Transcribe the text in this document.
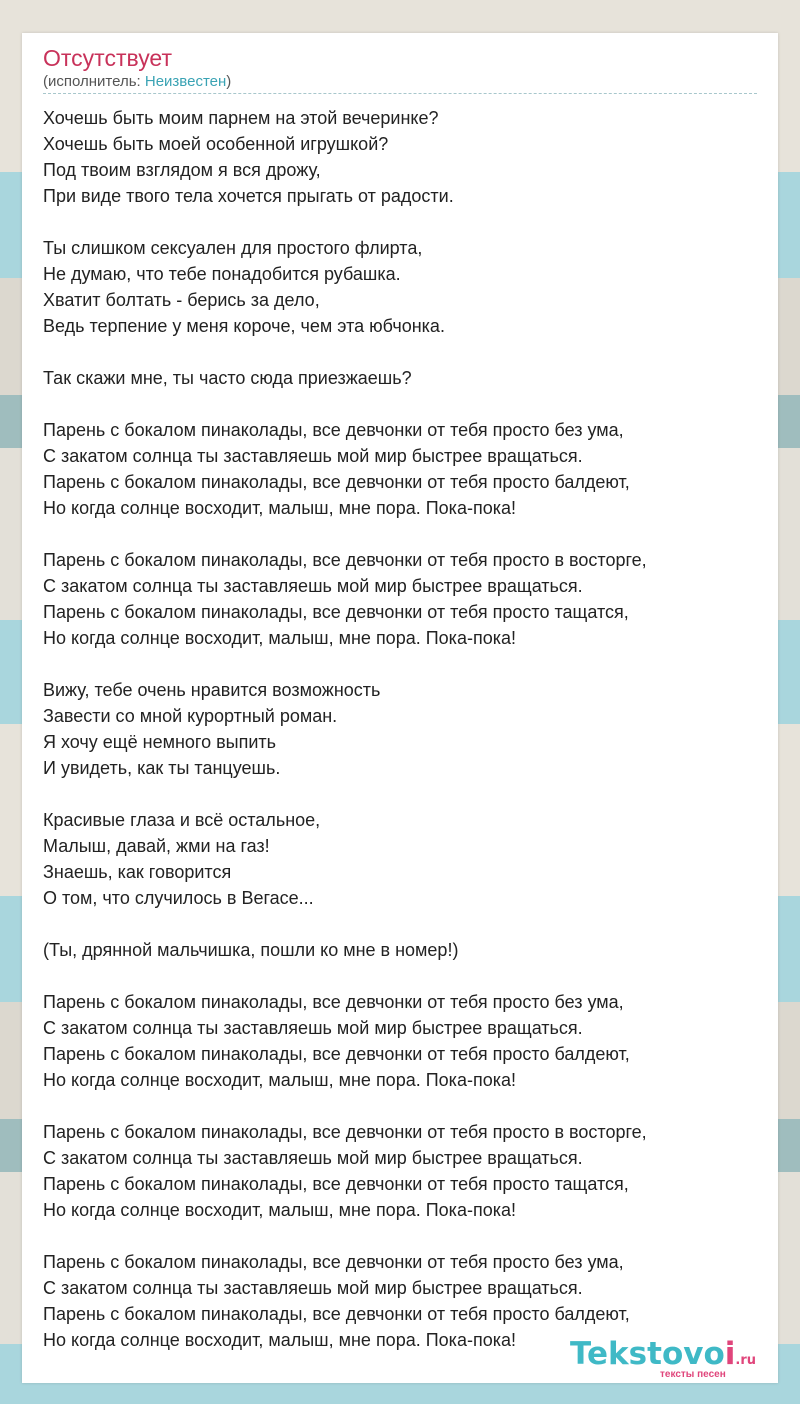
Отсутствует
(исполнитель: Неизвестен)
Хочешь быть моим парнем на этой вечеринке?
Хочешь быть моей особенной игрушкой?
Под твоим взглядом я вся дрожу,
При виде твого тела хочется прыгать от радости.
Ты слишком сексуален для простого флирта,
Не думаю, что тебе понадобится рубашка.
Хватит болтать - берись за дело,
Ведь терпение у меня короче, чем эта юбчонка.
Так скажи мне, ты часто сюда приезжаешь?
Парень с бокалом пинаколады, все девчонки от тебя просто без ума,
С закатом солнца ты заставляешь мой мир быстрее вращаться.
Парень с бокалом пинаколады, все девчонки от тебя просто балдеют,
Но когда солнце восходит, малыш, мне пора. Пока-пока!
Парень с бокалом пинаколады, все девчонки от тебя просто в восторге,
С закатом солнца ты заставляешь мой мир быстрее вращаться.
Парень с бокалом пинаколады, все девчонки от тебя просто тащатся,
Но когда солнце восходит, малыш, мне пора. Пока-пока!
Вижу, тебе очень нравится возможность
Завести со мной курортный роман.
Я хочу ещё немного выпить
И увидеть, как ты танцуешь.
Красивые глаза и всё остальное,
Малыш, давай, жми на газ!
Знаешь, как говорится
О том, что случилось в Вегасе...
(Ты, дрянной мальчишка, пошли ко мне в номер!)
Парень с бокалом пинаколады, все девчонки от тебя просто без ума,
С закатом солнца ты заставляешь мой мир быстрее вращаться.
Парень с бокалом пинаколады, все девчонки от тебя просто балдеют,
Но когда солнце восходит, малыш, мне пора. Пока-пока!
Парень с бокалом пинаколады, все девчонки от тебя просто в восторге,
С закатом солнца ты заставляешь мой мир быстрее вращаться.
Парень с бокалом пинаколады, все девчонки от тебя просто тащатся,
Но когда солнце восходит, малыш, мне пора. Пока-пока!
Парень с бокалом пинаколады, все девчонки от тебя просто без ума,
С закатом солнца ты заставляешь мой мир быстрее вращаться.
Парень с бокалом пинаколады, все девчонки от тебя просто балдеют,
Но когда солнце восходит, малыш, мне пора. Пока-пока!	Tekstovoi.ru
тексты песен
